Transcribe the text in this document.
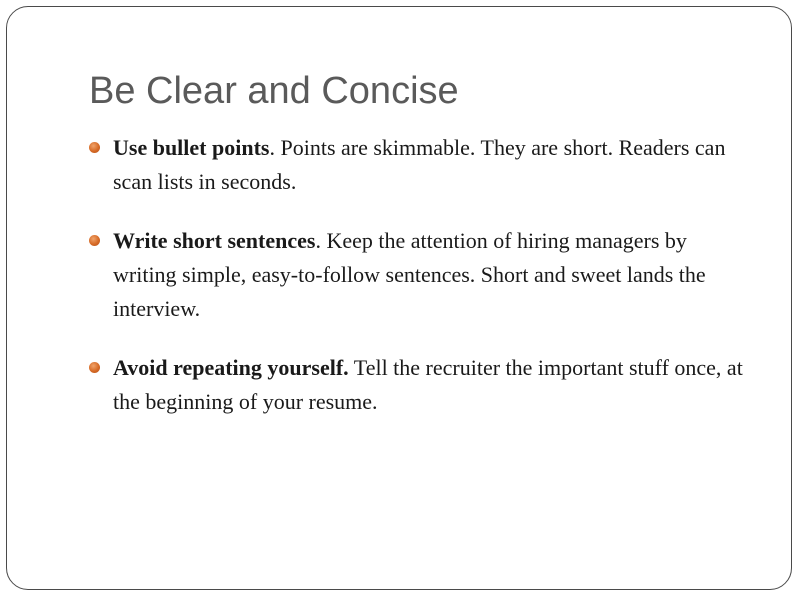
Be Clear and Concise
Use bullet points. Points are skimmable. They are short. Readers can scan lists in seconds.
Write short sentences. Keep the attention of hiring managers by writing simple, easy-to-follow sentences. Short and sweet lands the interview.
Avoid repeating yourself. Tell the recruiter the important stuff once, at the beginning of your resume.
